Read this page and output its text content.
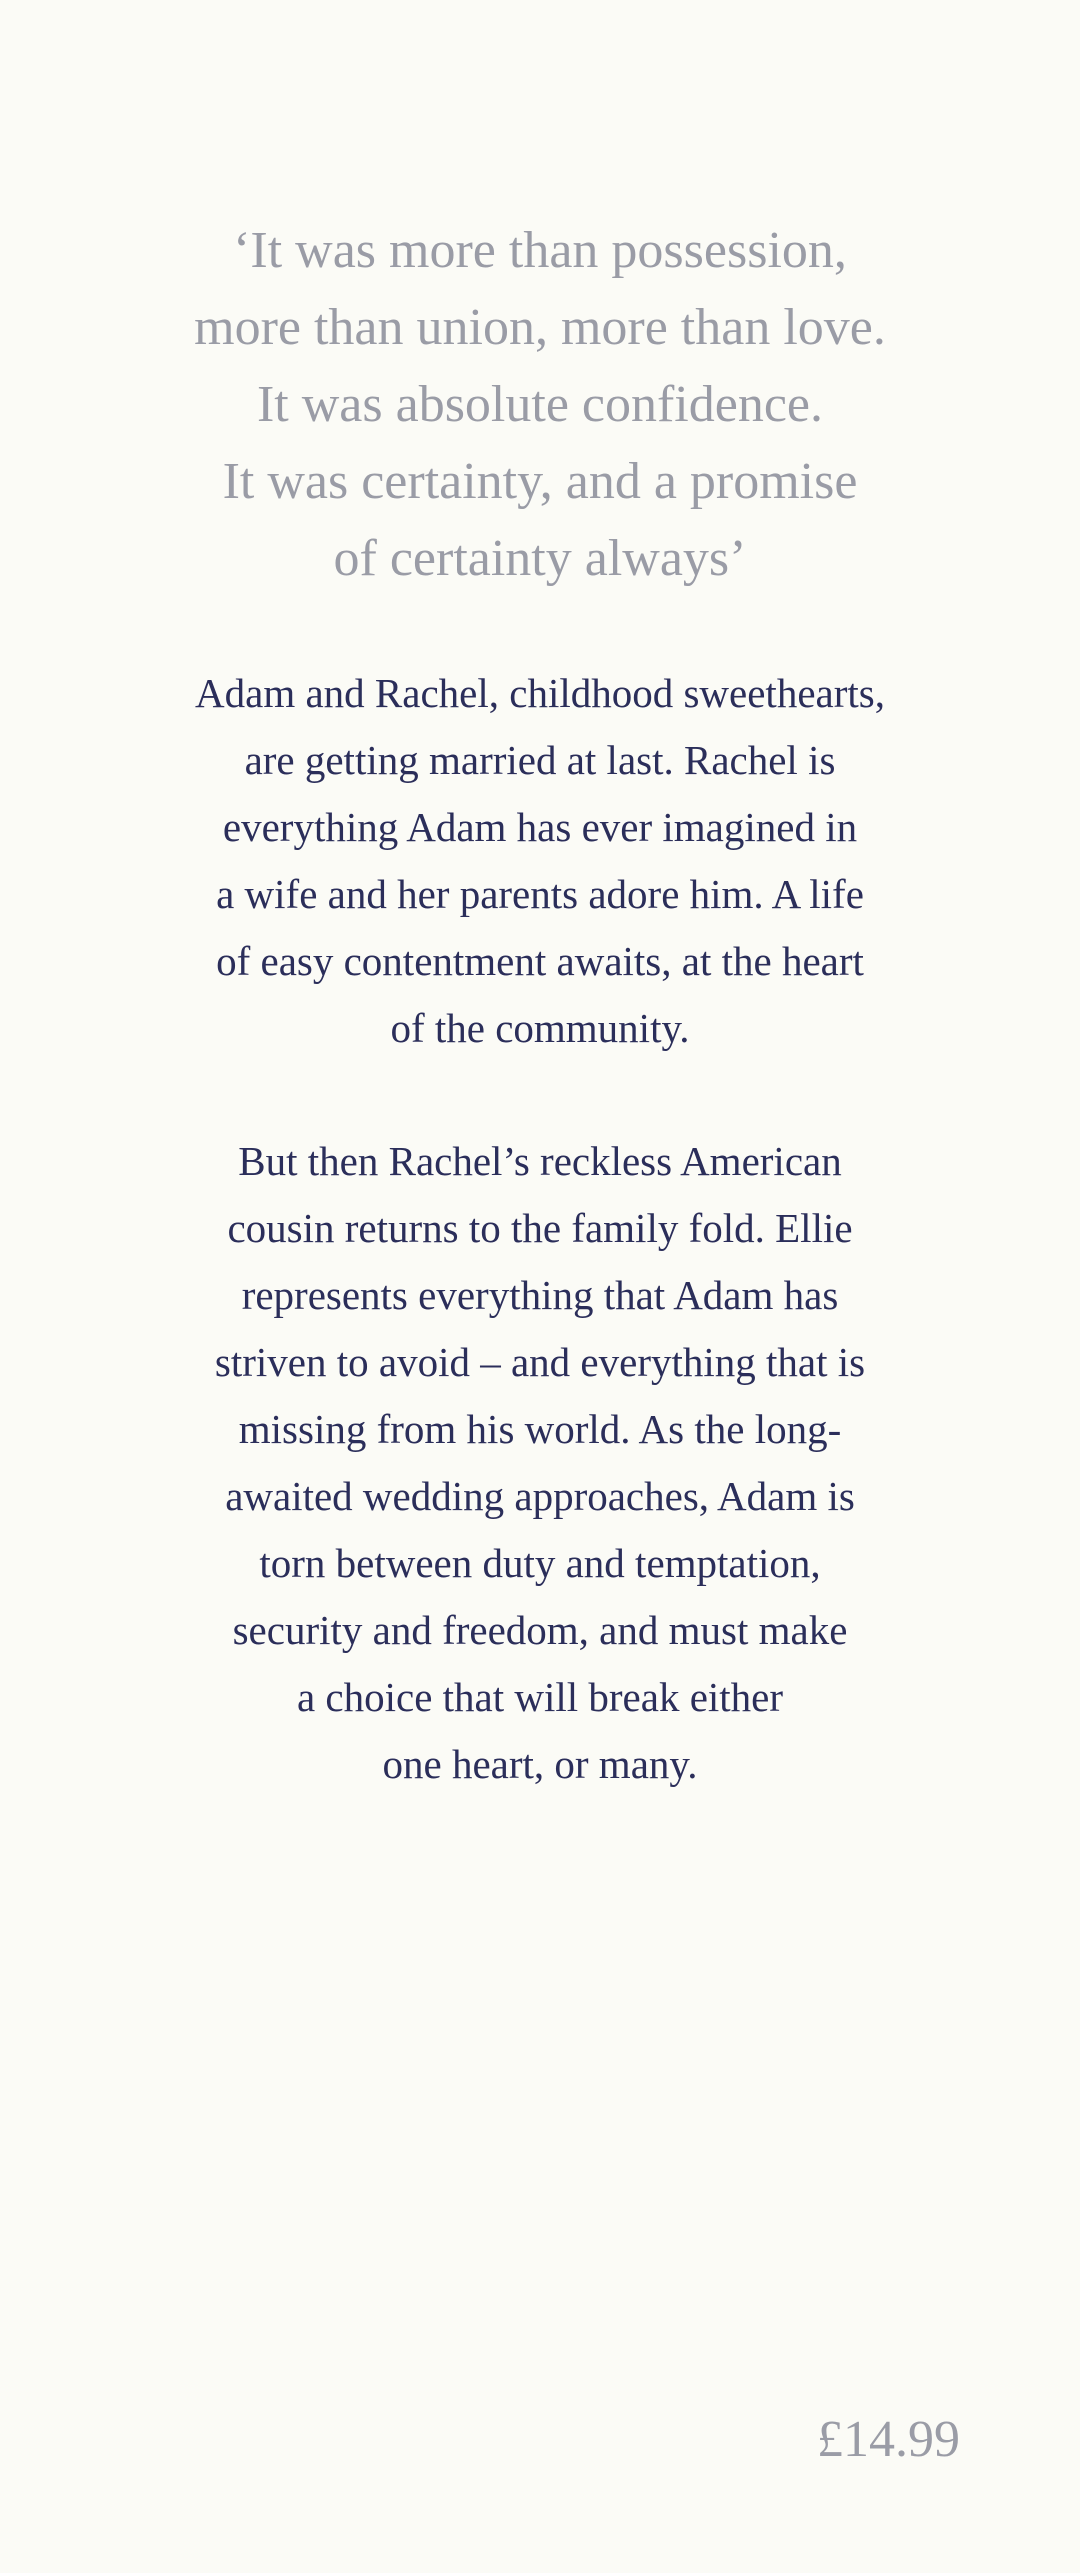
‘It was more than possession,
more than union, more than love.
It was absolute confidence.
It was certainty, and a promise
of certainty always’

Adam and Rachel, childhood sweethearts,
are getting married at last. Rachel is
everything Adam has ever imagined in
a wife and her parents adore him. A life
of easy contentment awaits, at the heart
of the community.

But then Rachel’s reckless American
cousin returns to the family fold. Ellie
represents everything that Adam has
striven to avoid – and everything that is
missing from his world. As the long-
awaited wedding approaches, Adam is
torn between duty and temptation,
security and freedom, and must make
a choice that will break either
one heart, or many.

£14.99
